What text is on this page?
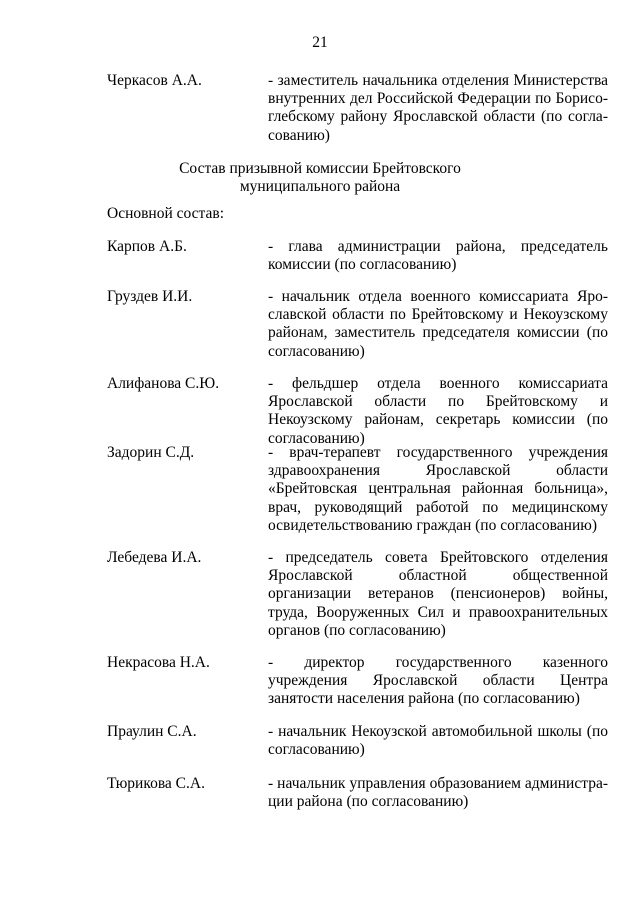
21
Черкасов А.А.	- заместитель начальника отделения Министерства внутренних дел Российской Федерации по Борисоглебскому району Ярославской области (по согласованию)
Состав призывной комиссии Брейтовского
муниципального района
Основной состав:
Карпов А.Б.	- глава администрации района, председатель комиссии (по согласованию)
Груздев И.И.	- начальник отдела военного комиссариата Ярославской области по Брейтовскому и Некоузскому районам, заместитель председателя комиссии (по согласованию)
Алифанова С.Ю.	- фельдшер отдела военного комиссариата Ярославской области по Брейтовскому и Некоузскому районам, секретарь комиссии (по согласованию)
Задорин С.Д.	- врач-терапевт государственного учреждения здравоохранения Ярославской области «Брейтовская центральная районная больница», врач, руководящий работой по медицинскому освидетельствованию граждан (по согласованию)
Лебедева И.А.	- председатель совета Брейтовского отделения Ярославской областной общественной организации ветеранов (пенсионеров) войны, труда, Вооруженных Сил и правоохранительных органов (по согласованию)
Некрасова Н.А.	- директор государственного казенного учреждения Ярославской области Центра занятости населения района (по согласованию)
Праулин С.А.	- начальник Некоузской автомобильной школы (по согласованию)
Тюрикова С.А.	- начальник управления образованием администрации района (по согласованию)
